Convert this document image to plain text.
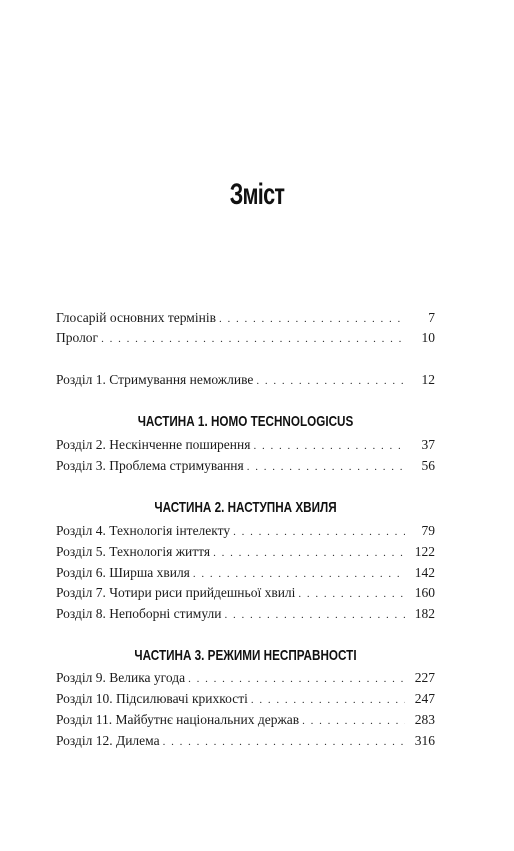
Зміст
Глосарій основних термінів . . .	7
Пролог . . .	10
Розділ 1. Стримування неможливе . . .	12
ЧАСТИНА 1. HOMO TECHNOLOGICUS
Розділ 2. Нескінченне поширення . . .	37
Розділ 3. Проблема стримування . . .	56
ЧАСТИНА 2. НАСТУПНА ХВИЛЯ
Розділ 4. Технологія інтелекту . . .	79
Розділ 5. Технологія життя . . .	122
Розділ 6. Ширша хвиля . . .	142
Розділ 7. Чотири риси прийдешньої хвилі . . .	160
Розділ 8. Непоборні стимули . . .	182
ЧАСТИНА 3. РЕЖИМИ НЕСПРАВНОСТІ
Розділ 9. Велика угода . . .	227
Розділ 10. Підсилювачі крихкості . . .	247
Розділ 11. Майбутнє національних держав . . .	283
Розділ 12. Дилема . . .	316
